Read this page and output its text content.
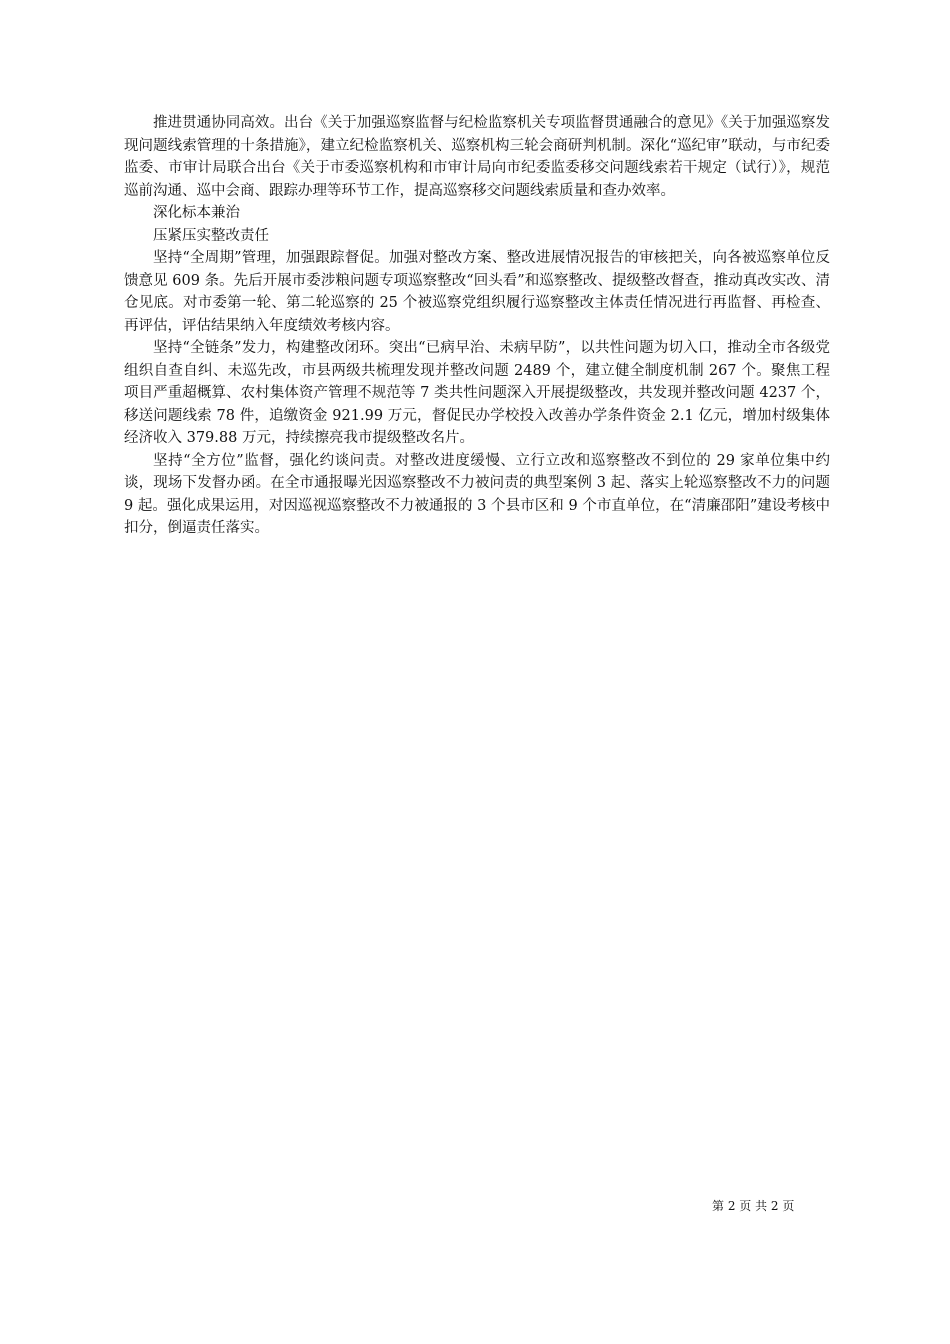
推进贯通协同高效。出台《关于加强巡察监督与纪检监察机关专项监督贯通融合的意见》《关于加强巡察发现问题线索管理的十条措施》，建立纪检监察机关、巡察机构三轮会商研判机制。深化“巡纪审”联动，与市纪委监委、市审计局联合出台《关于市委巡察机构和市审计局向市纪委监委移交问题线索若干规定（试行）》，规范巡前沟通、巡中会商、跟踪办理等环节工作，提高巡察移交问题线索质量和查办效率。

深化标本兼治

压紧压实整改责任

坚持“全周期”管理，加强跟踪督促。加强对整改方案、整改进展情况报告的审核把关，向各被巡察单位反馈意见 609 条。先后开展市委涉粮问题专项巡察整改“回头看”和巡察整改、提级整改督查，推动真改实改、清仓见底。对市委第一轮、第二轮巡察的 25 个被巡察党组织履行巡察整改主体责任情况进行再监督、再检查、再评估，评估结果纳入年度绩效考核内容。

坚持“全链条”发力，构建整改闭环。突出“已病早治、未病早防”，以共性问题为切入口，推动全市各级党组织自查自纠、未巡先改，市县两级共梳理发现并整改问题 2489 个，建立健全制度机制 267 个。聚焦工程项目严重超概算、农村集体资产管理不规范等 7 类共性问题深入开展提级整改，共发现并整改问题 4237 个，移送问题线索 78 件，追缴资金 921.99 万元，督促民办学校投入改善办学条件资金 2.1 亿元，增加村级集体经济收入 379.88 万元，持续擦亮我市提级整改名片。

坚持“全方位”监督，强化约谈问责。对整改进度缓慢、立行立改和巡察整改不到位的 29 家单位集中约谈，现场下发督办函。在全市通报曝光因巡察整改不力被问责的典型案例 3 起、落实上轮巡察整改不力的问题 9 起。强化成果运用，对因巡视巡察整改不力被通报的 3 个县市区和 9 个市直单位，在“清廉邵阳”建设考核中扣分，倒逼责任落实。

第 2 页 共 2 页
